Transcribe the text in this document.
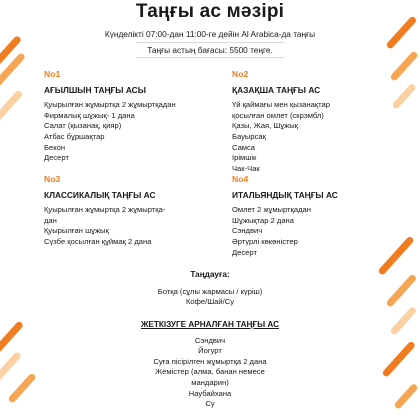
Таңғы ас мәзірі
Күнделікті 07:00-дан 11:00-ге дейін Al Arabica-да таңғы
Таңғы астың бағасы: 5500 теңге.
No1
АҒЫЛШЫН ТАҢҒЫ АСЫ
Қуырылған жұмыртқа 2 жұмыртқадан
Фирмалық шұжық- 1 дана
Салат (қызанақ, қияр)
Атбас бұршақтар
Бекон
Десерт
No2
ҚАЗАҚША ТАҢҒЫ АС
Үй қаймағы мен қызанақтар
қосылған омлет (скрэмбл)
Қазы, Жая, Шұжық
Бауырсақ
Самса
Ірімшік
Чак-Чак
No3
КЛАССИКАЛЫҚ ТАҢҒЫ АС
Қуырылған жұмыртқа 2 жұмыртқа-
дан
Қуырылған шұжық
Сүзбе қосылған құймақ 2 дана
No4
ИТАЛЬЯНДЫҚ ТАҢҒЫ АС
Омлет 2 жұмыртқадан
Шұжықтар 2 дана
Сэндвич
Әртүрлі көкөністер
Десерт
Таңдауға:
Ботқа (сұлы жармасы / күріш)
Кофе/Шай/Су
ЖЕТКІЗУГЕ АРНАЛҒАН ТАҢҒЫ АС
Сэндвич
Йогурт
Суға пісірілген жұмыртқа 2 дана
Жемістер (алма, банан немесе
мандарин)
Наубайхана
Су
